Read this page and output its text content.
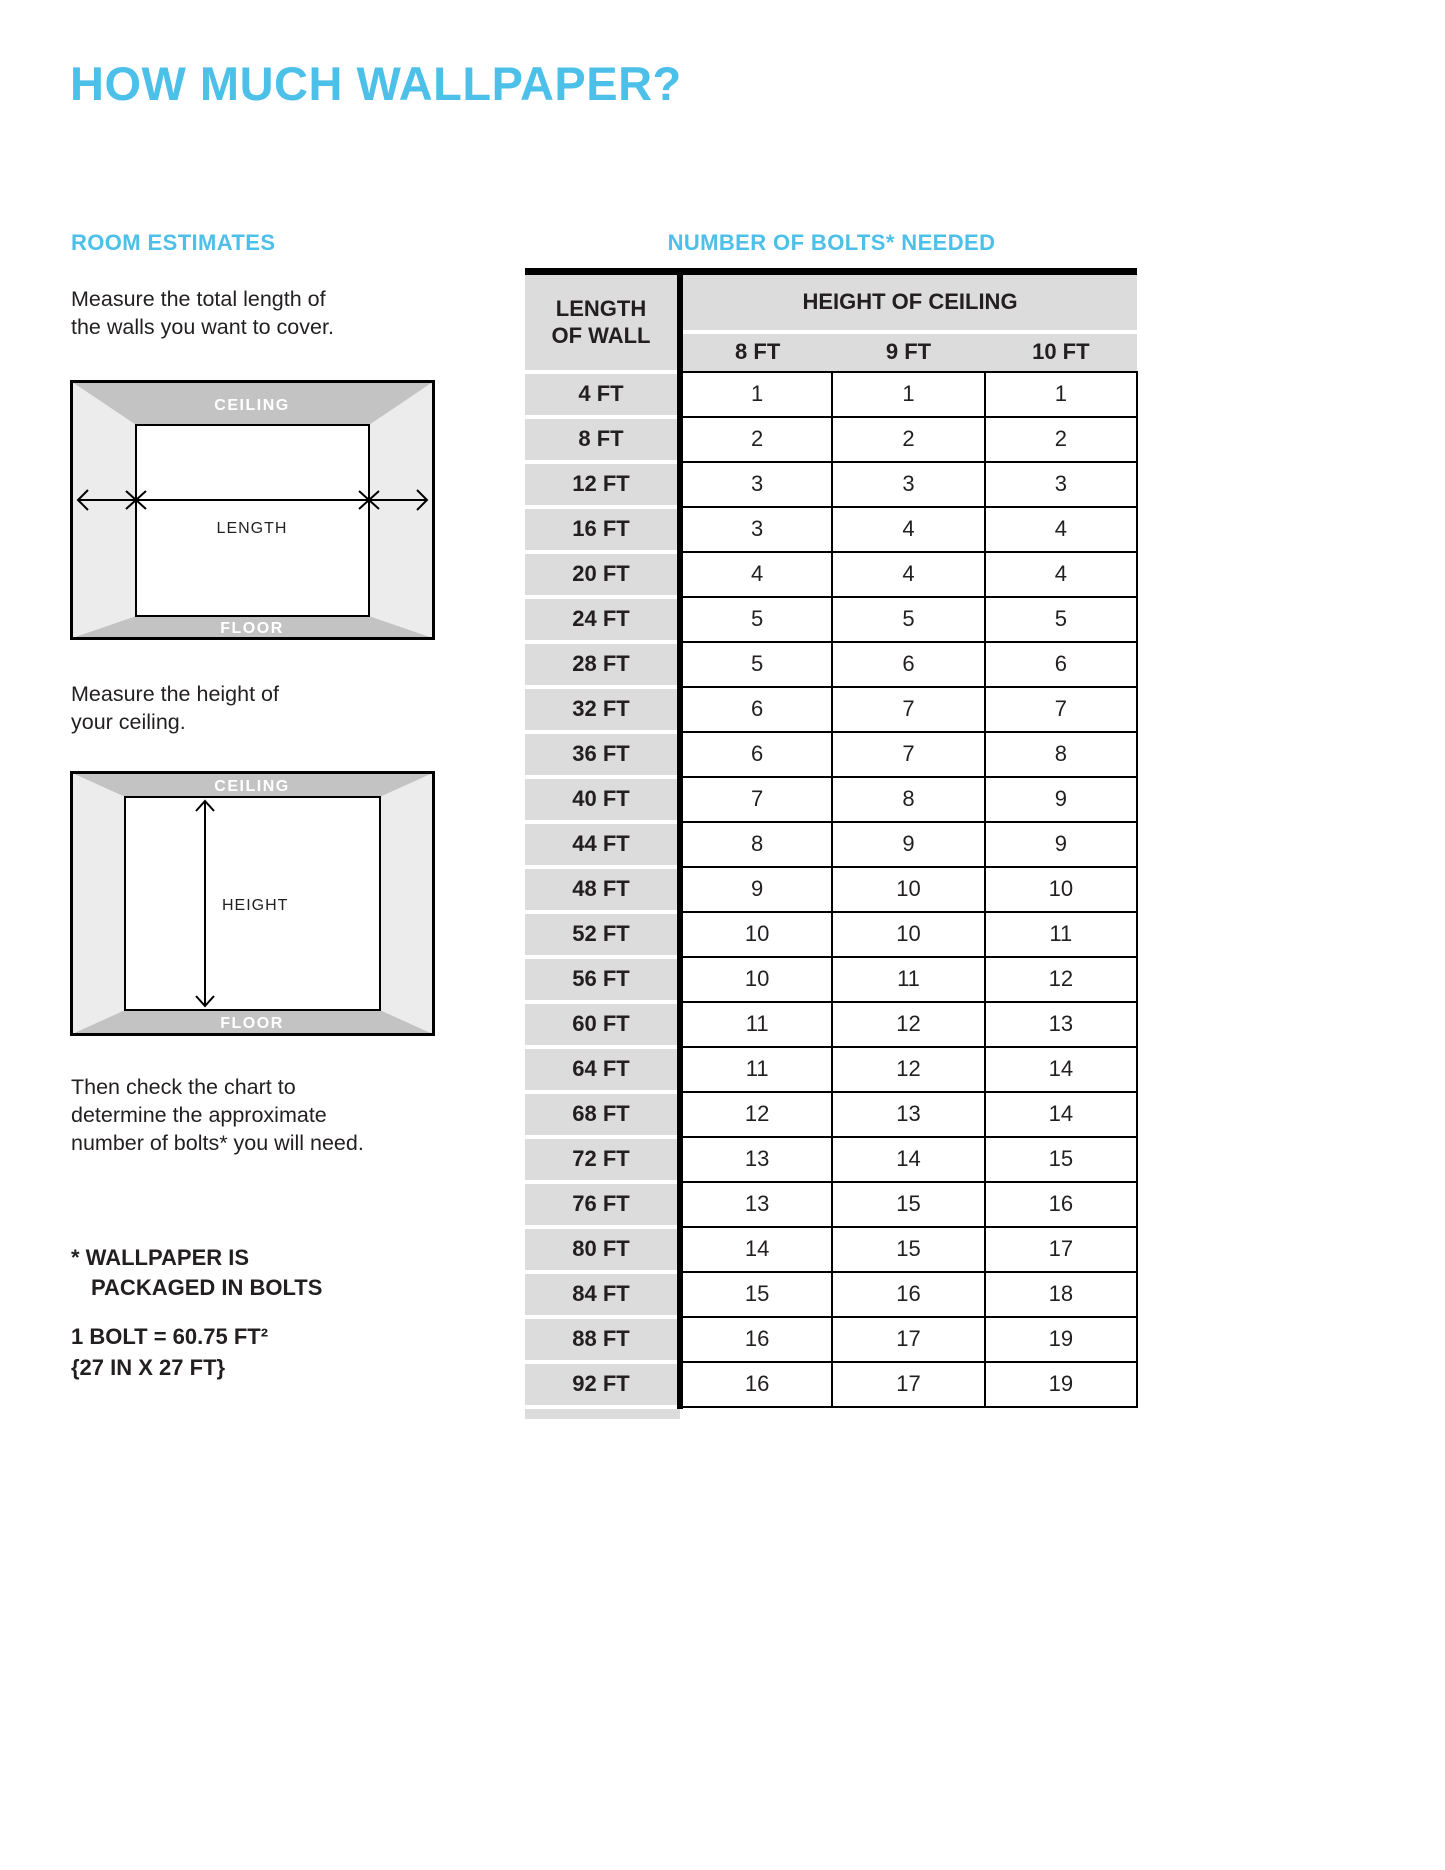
HOW MUCH WALLPAPER?
ROOM ESTIMATES	NUMBER OF BOLTS* NEEDED

Measure the total length of
the walls you want to cover.

CEILING
FLOOR
LENGTH

Measure the height of
your ceiling.

CEILING
FLOOR
HEIGHT

Then check the chart to
determine the approximate
number of bolts* you will need.

* WALLPAPER IS
PACKAGED IN BOLTS
1 BOLT = 60.75 FT²
{27 IN X 27 FT}
LENGTH OF WALL	HEIGHT OF CEILING		
	8 FT	9 FT	10 FT
4 FT	1	1	1
8 FT	2	2	2
12 FT	3	3	3
16 FT	3	4	4
20 FT	4	4	4
24 FT	5	5	5
28 FT	5	6	6
32 FT	6	7	7
36 FT	6	7	8
40 FT	7	8	9
44 FT	8	9	9
48 FT	9	10	10
52 FT	10	10	11
56 FT	10	11	12
60 FT	11	12	13
64 FT	11	12	14
68 FT	12	13	14
72 FT	13	14	15
76 FT	13	15	16
80 FT	14	15	17
84 FT	15	16	18
88 FT	16	17	19
92 FT	16	17	19
